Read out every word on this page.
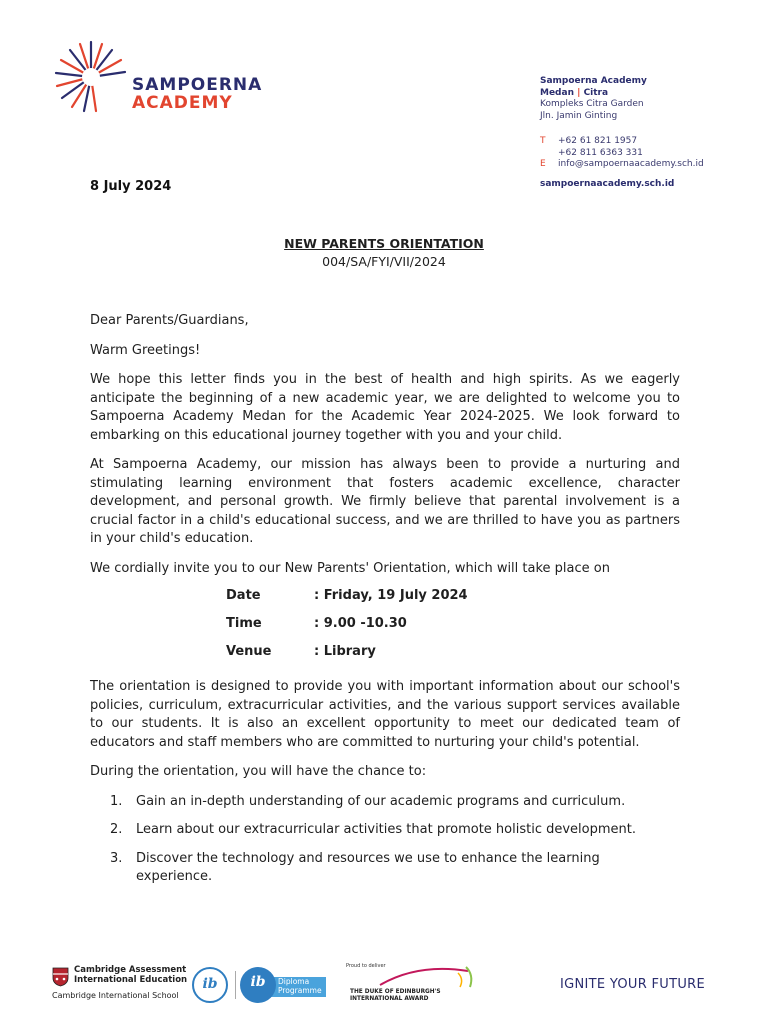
SAMPOERNA
ACADEMY
Sampoerna Academy
Medan | Citra
Kompleks Citra Garden
Jln. Jamin Ginting
T +62 61 821 1957
+62 811 6363 331
E info@sampoernaacademy.sch.id
sampoernaacademy.sch.id
8 July 2024
NEW PARENTS ORIENTATION
004/SA/FYI/VII/2024

Dear Parents/Guardians,

Warm Greetings!

We hope this letter finds you in the best of health and high spirits. As we eagerly anticipate the beginning of a new academic year, we are delighted to welcome you to Sampoerna Academy Medan for the Academic Year 2024-2025. We look forward to embarking on this educational journey together with you and your child.

At Sampoerna Academy, our mission has always been to provide a nurturing and stimulating learning environment that fosters academic excellence, character development, and personal growth. We firmly believe that parental involvement is a crucial factor in a child's educational success, and we are thrilled to have you as partners in your child's education.

We cordially invite you to our New Parents' Orientation, which will take place on

Date	: Friday, 19 July 2024
Time	: 9.00 -10.30
Venue	: Library

The orientation is designed to provide you with important information about our school's policies, curriculum, extracurricular activities, and the various support services available to our students. It is also an excellent opportunity to meet our dedicated team of educators and staff members who are committed to nurturing your child's potential.

During the orientation, you will have the chance to:

1.	Gain an in-depth understanding of our academic programs and curriculum.
2.	Learn about our extracurricular activities that promote holistic development.
3.	Discover the technology and resources we use to enhance the learning experience.
Cambridge Assessment
International Education
Cambridge International School
ib	Diploma
Programme
ib
Proud to deliver
THE DUKE OF EDINBURGH'S
INTERNATIONAL AWARD
IGNITE YOUR FUTURE
